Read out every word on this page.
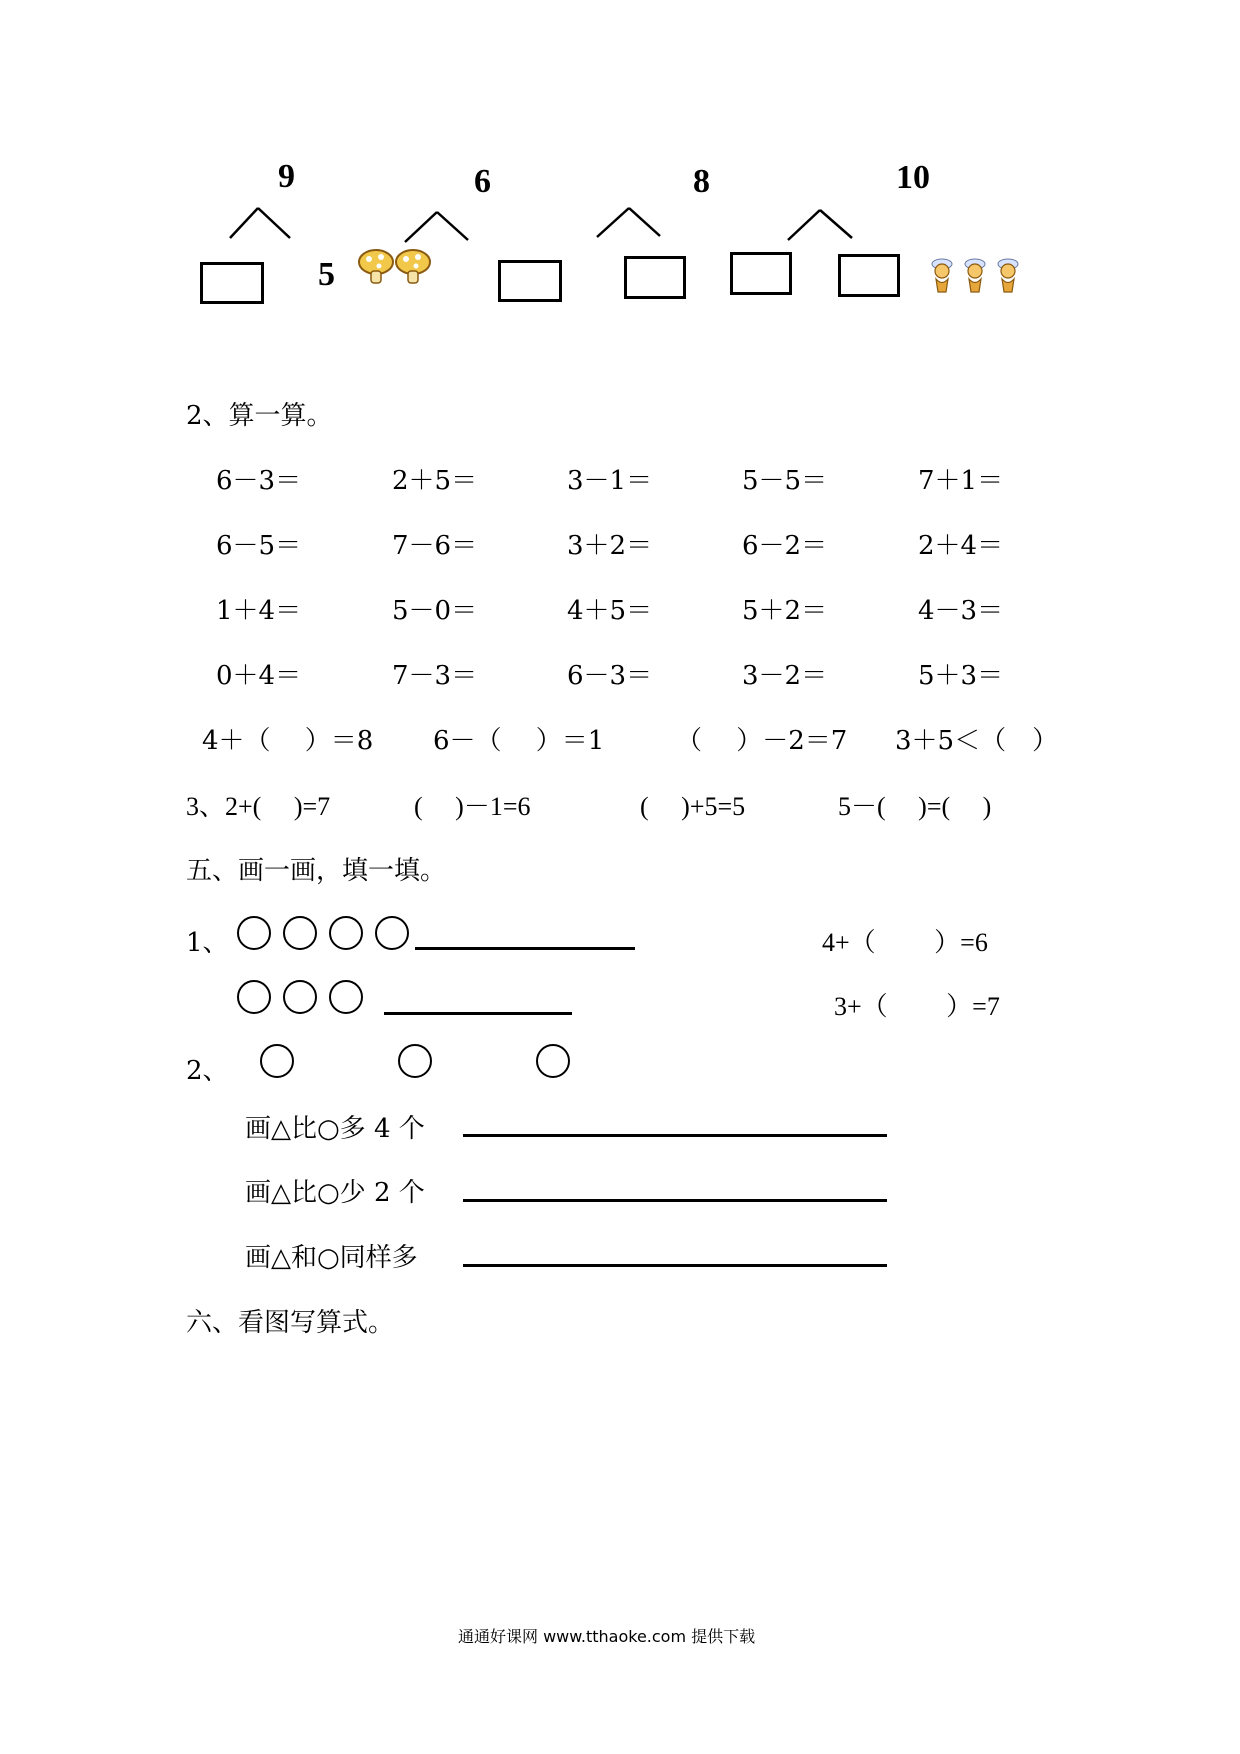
9
5
6	8	10
2、算一算。
6－3＝	2＋5＝	3－1＝	5－5＝	7＋1＝
6－5＝	7－6＝	3＋2＝	6－2＝	2＋4＝
1＋4＝	5－0＝	4＋5＝	5＋2＝	4－3＝
0＋4＝	7－3＝	6－3＝	3－2＝	5＋3＝
4＋（　 ）＝8 6－（　 ）＝1	（　 ）－2＝7 3＋5＜（　）
3、2+(　 )=7	(　 )－1=6	(　 )+5=5	5－(　 )=(　 )
五、画一画，填一填。
1、	4+（　　 ）=6
3+（　　 ）=7
2、
画△比○多 4 个
画△比○少 2 个
画△和○同样多
六、看图写算式。
通通好课网 www.tthaoke.com 提供下载
